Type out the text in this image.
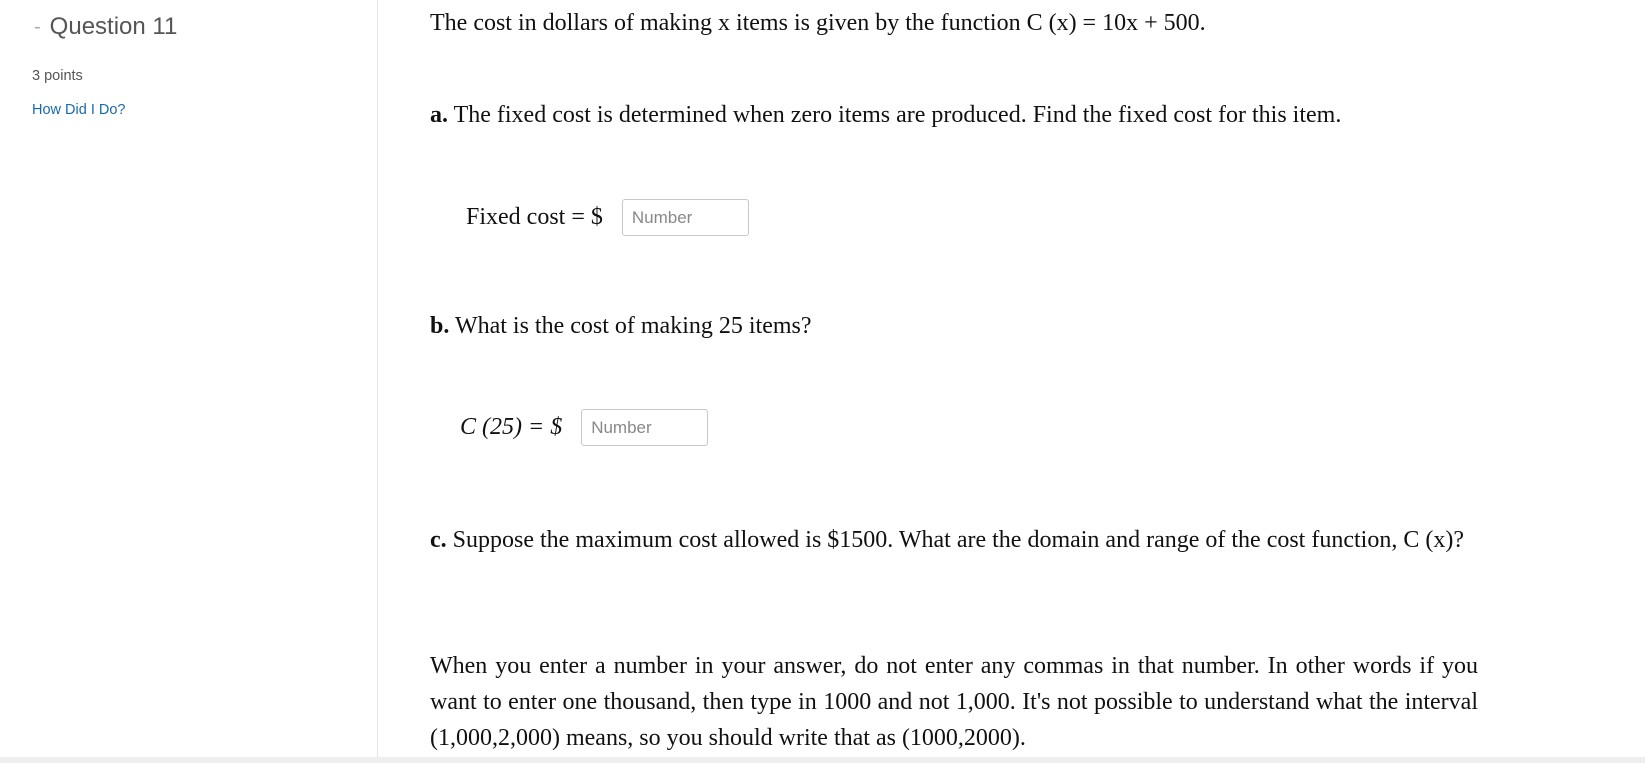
- Question 11
3 points
How Did I Do?
The cost in dollars of making x items is given by the function C (x) = 10x + 500.
a. The fixed cost is determined when zero items are produced. Find the fixed cost for this item.
Fixed cost = $
Number
b. What is the cost of making 25 items?
C (25) = $
Number
c. Suppose the maximum cost allowed is $1500. What are the domain and range of the cost function, C (x)?
When you enter a number in your answer, do not enter any commas in that number. In other words if you want to enter one thousand, then type in 1000 and not 1,000. It's not possible to understand what the interval (1,000,2,000) means, so you should write that as (1000,2000).
